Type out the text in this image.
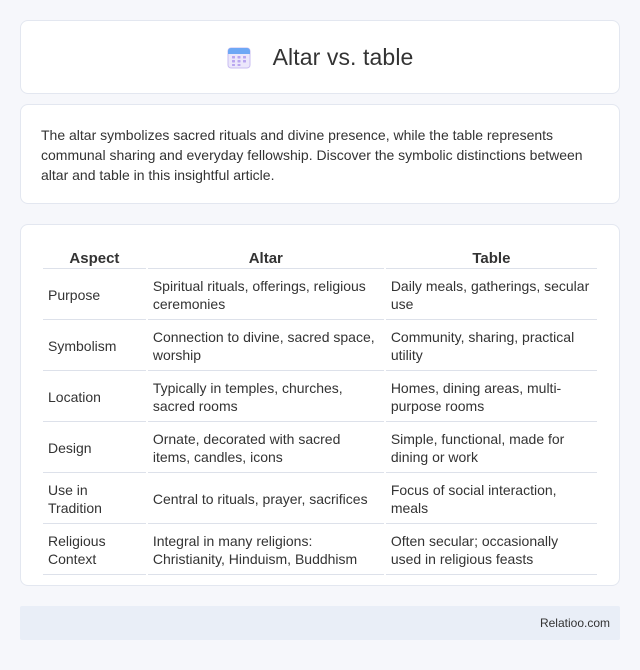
Altar vs. table

The altar symbolizes sacred rituals and divine presence, while the table represents communal sharing and everyday fellowship. Discover the symbolic distinctions between altar and table in this insightful article.

Aspect	Altar	Table
Purpose	Spiritual rituals, offerings, religious ceremonies	Daily meals, gatherings, secular use
Symbolism	Connection to divine, sacred space, worship	Community, sharing, practical utility
Location	Typically in temples, churches, sacred rooms	Homes, dining areas, multi-purpose rooms
Design	Ornate, decorated with sacred items, candles, icons	Simple, functional, made for dining or work
Use in Tradition	Central to rituals, prayer, sacrifices	Focus of social interaction, meals
Religious Context	Integral in many religions: Christianity, Hinduism, Buddhism	Often secular; occasionally used in religious feasts
Relatioo.com
